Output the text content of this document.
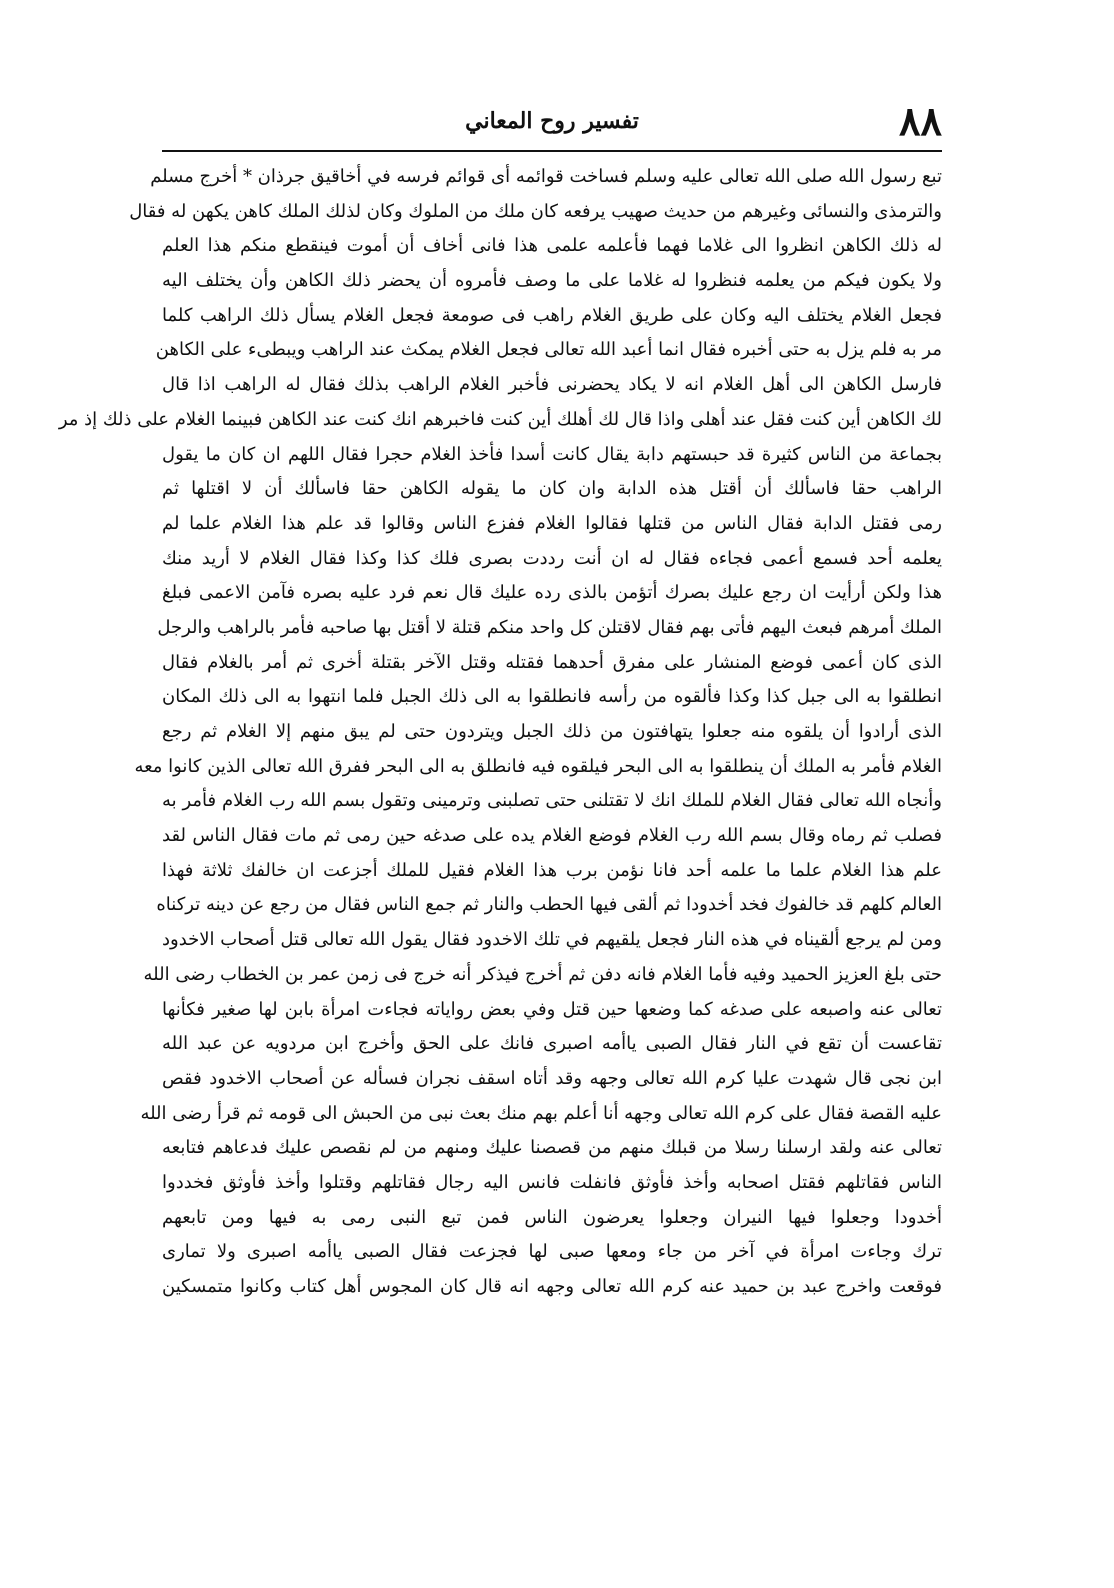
٨٨
تفسير روح المعاني
تبع رسول الله صلى الله تعالى عليه وسلم فساخت قوائمه أى قوائم فرسه في أخاقيق جرذان * أخرج مسلم
والترمذى والنسائى وغيرهم من حديث صهيب يرفعه كان ملك من الملوك وكان لذلك الملك كاهن يكهن له فقال
له ذلك الكاهن انظروا الى غلاما فهما فأعلمه علمى هذا فانى أخاف أن أموت فينقطع منكم هذا العلم
ولا يكون فيكم من يعلمه فنظروا له غلاما على ما وصف فأمروه أن يحضر ذلك الكاهن وأن يختلف اليه
فجعل الغلام يختلف اليه وكان على طريق الغلام راهب فى صومعة فجعل الغلام يسأل ذلك الراهب كلما
مر به فلم يزل به حتى أخبره فقال انما أعبد الله تعالى فجعل الغلام يمكث عند الراهب ويبطىء على الكاهن
فارسل الكاهن الى أهل الغلام انه لا يكاد يحضرنى فأخبر الغلام الراهب بذلك فقال له الراهب اذا قال
لك الكاهن أين كنت فقل عند أهلى واذا قال لك أهلك أين كنت فاخبرهم انك كنت عند الكاهن فبينما الغلام على ذلك إذ مر
بجماعة من الناس كثيرة قد حبستهم دابة يقال كانت أسدا فأخذ الغلام حجرا فقال اللهم ان كان ما يقول
الراهب حقا فاسألك أن أقتل هذه الدابة وان كان ما يقوله الكاهن حقا فاسألك أن لا اقتلها ثم
رمى فقتل الدابة فقال الناس من قتلها فقالوا الغلام ففزع الناس وقالوا قد علم هذا الغلام علما لم
يعلمه أحد فسمع أعمى فجاءه فقال له ان أنت رددت بصرى فلك كذا وكذا فقال الغلام لا أريد منك
هذا ولكن أرأيت ان رجع عليك بصرك أتؤمن بالذى رده عليك قال نعم فرد عليه بصره فآمن الاعمى فبلغ
الملك أمرهم فبعث اليهم فأتى بهم فقال لاقتلن كل واحد منكم قتلة لا أقتل بها صاحبه فأمر بالراهب والرجل
الذى كان أعمى فوضع المنشار على مفرق أحدهما فقتله وقتل الآخر بقتلة أخرى ثم أمر بالغلام فقال
انطلقوا به الى جبل كذا وكذا فألقوه من رأسه فانطلقوا به الى ذلك الجبل فلما انتهوا به الى ذلك المكان
الذى أرادوا أن يلقوه منه جعلوا يتهافتون من ذلك الجبل ويتردون حتى لم يبق منهم إلا الغلام ثم رجع
الغلام فأمر به الملك أن ينطلقوا به الى البحر فيلقوه فيه فانطلق به الى البحر ففرق الله تعالى الذين كانوا معه
وأنجاه الله تعالى فقال الغلام للملك انك لا تقتلنى حتى تصلبنى وترمينى وتقول بسم الله رب الغلام فأمر به
فصلب ثم رماه وقال بسم الله رب الغلام فوضع الغلام يده على صدغه حين رمى ثم مات فقال الناس لقد
علم هذا الغلام علما ما علمه أحد فانا نؤمن برب هذا الغلام فقيل للملك أجزعت ان خالفك ثلاثة فهذا
العالم كلهم قد خالفوك فخد أخدودا ثم ألقى فيها الحطب والنار ثم جمع الناس فقال من رجع عن دينه تركناه
ومن لم يرجع ألقيناه في هذه النار فجعل يلقيهم في تلك الاخدود فقال يقول الله تعالى قتل أصحاب الاخدود
حتى بلغ العزيز الحميد وفيه فأما الغلام فانه دفن ثم أخرج فيذكر أنه خرج فى زمن عمر بن الخطاب رضى الله
تعالى عنه واصبعه على صدغه كما وضعها حين قتل وفي بعض رواياته فجاءت امرأة بابن لها صغير فكأنها
تقاعست أن تقع في النار فقال الصبى ياأمه اصبرى فانك على الحق وأخرج ابن مردويه عن عبد الله
ابن نجى قال شهدت عليا كرم الله تعالى وجهه وقد أتاه اسقف نجران فسأله عن أصحاب الاخدود فقص
عليه القصة فقال على كرم الله تعالى وجهه أنا أعلم بهم منك بعث نبى من الحبش الى قومه ثم قرأ رضى الله
تعالى عنه ولقد ارسلنا رسلا من قبلك منهم من قصصنا عليك ومنهم من لم نقصص عليك فدعاهم فتابعه
الناس فقاتلهم فقتل اصحابه وأخذ فأوثق فانفلت فانس اليه رجال فقاتلهم وقتلوا وأخذ فأوثق فخددوا
أخدودا وجعلوا فيها النيران وجعلوا يعرضون الناس فمن تبع النبى رمى به فيها ومن تابعهم
ترك وجاءت امرأة في آخر من جاء ومعها صبى لها فجزعت فقال الصبى ياأمه اصبرى ولا تمارى
فوقعت واخرج عبد بن حميد عنه كرم الله تعالى وجهه انه قال كان المجوس أهل كتاب وكانوا متمسكين
